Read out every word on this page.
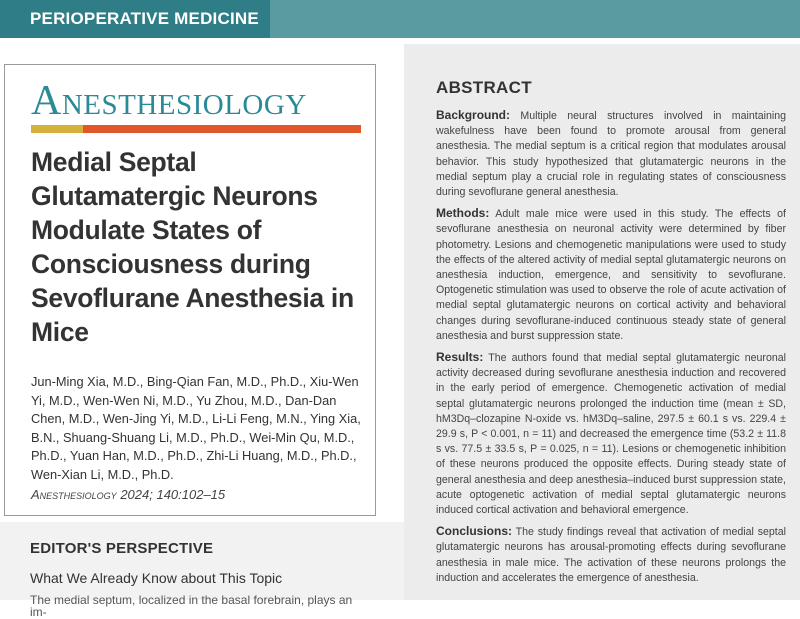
PERIOPERATIVE MEDICINE
Anesthesiology
Medial Septal Glutamatergic Neurons Modulate States of Consciousness during Sevoflurane Anesthesia in Mice
Jun-Ming Xia, M.D., Bing-Qian Fan, M.D., Ph.D., Xiu-Wen Yi, M.D., Wen-Wen Ni, M.D., Yu Zhou, M.D., Dan-Dan Chen, M.D., Wen-Jing Yi, M.D., Li-Li Feng, M.N., Ying Xia, B.N., Shuang-Shuang Li, M.D., Ph.D., Wei-Min Qu, M.D., Ph.D., Yuan Han, M.D., Ph.D., Zhi-Li Huang, M.D., Ph.D., Wen-Xian Li, M.D., Ph.D.
Anesthesiology 2024; 140:102–15
EDITOR'S PERSPECTIVE
What We Already Know about This Topic
The medial septum, localized in the basal forebrain, plays an im-
ABSTRACT

Background: Multiple neural structures involved in maintaining wakefulness have been found to promote arousal from general anesthesia. The medial septum is a critical region that modulates arousal behavior. This study hypothesized that glutamatergic neurons in the medial septum play a crucial role in regulating states of consciousness during sevoflurane general anesthesia.

Methods: Adult male mice were used in this study. The effects of sevoflurane anesthesia on neuronal activity were determined by fiber photometry. Lesions and chemogenetic manipulations were used to study the effects of the altered activity of medial septal glutamatergic neurons on anesthesia induction, emergence, and sensitivity to sevoflurane. Optogenetic stimulation was used to observe the role of acute activation of medial septal glutamatergic neurons on cortical activity and behavioral changes during sevoflurane-induced continuous steady state of general anesthesia and burst suppression state.

Results: The authors found that medial septal glutamatergic neuronal activity decreased during sevoflurane anesthesia induction and recovered in the early period of emergence. Chemogenetic activation of medial septal glutamatergic neurons prolonged the induction time (mean ± SD, hM3Dq–clozapine N-oxide vs. hM3Dq–saline, 297.5 ± 60.1 s vs. 229.4 ± 29.9 s, P < 0.001, n = 11) and decreased the emergence time (53.2 ± 11.8 s vs. 77.5 ± 33.5 s, P = 0.025, n = 11). Lesions or chemogenetic inhibition of these neurons produced the opposite effects. During steady state of general anesthesia and deep anesthesia–induced burst suppression state, acute optogenetic activation of medial septal glutamatergic neurons induced cortical activation and behavioral emergence.

Conclusions: The study findings reveal that activation of medial septal glutamatergic neurons has arousal-promoting effects during sevoflurane anesthesia in male mice. The activation of these neurons prolongs the induction and accelerates the emergence of anesthesia.
